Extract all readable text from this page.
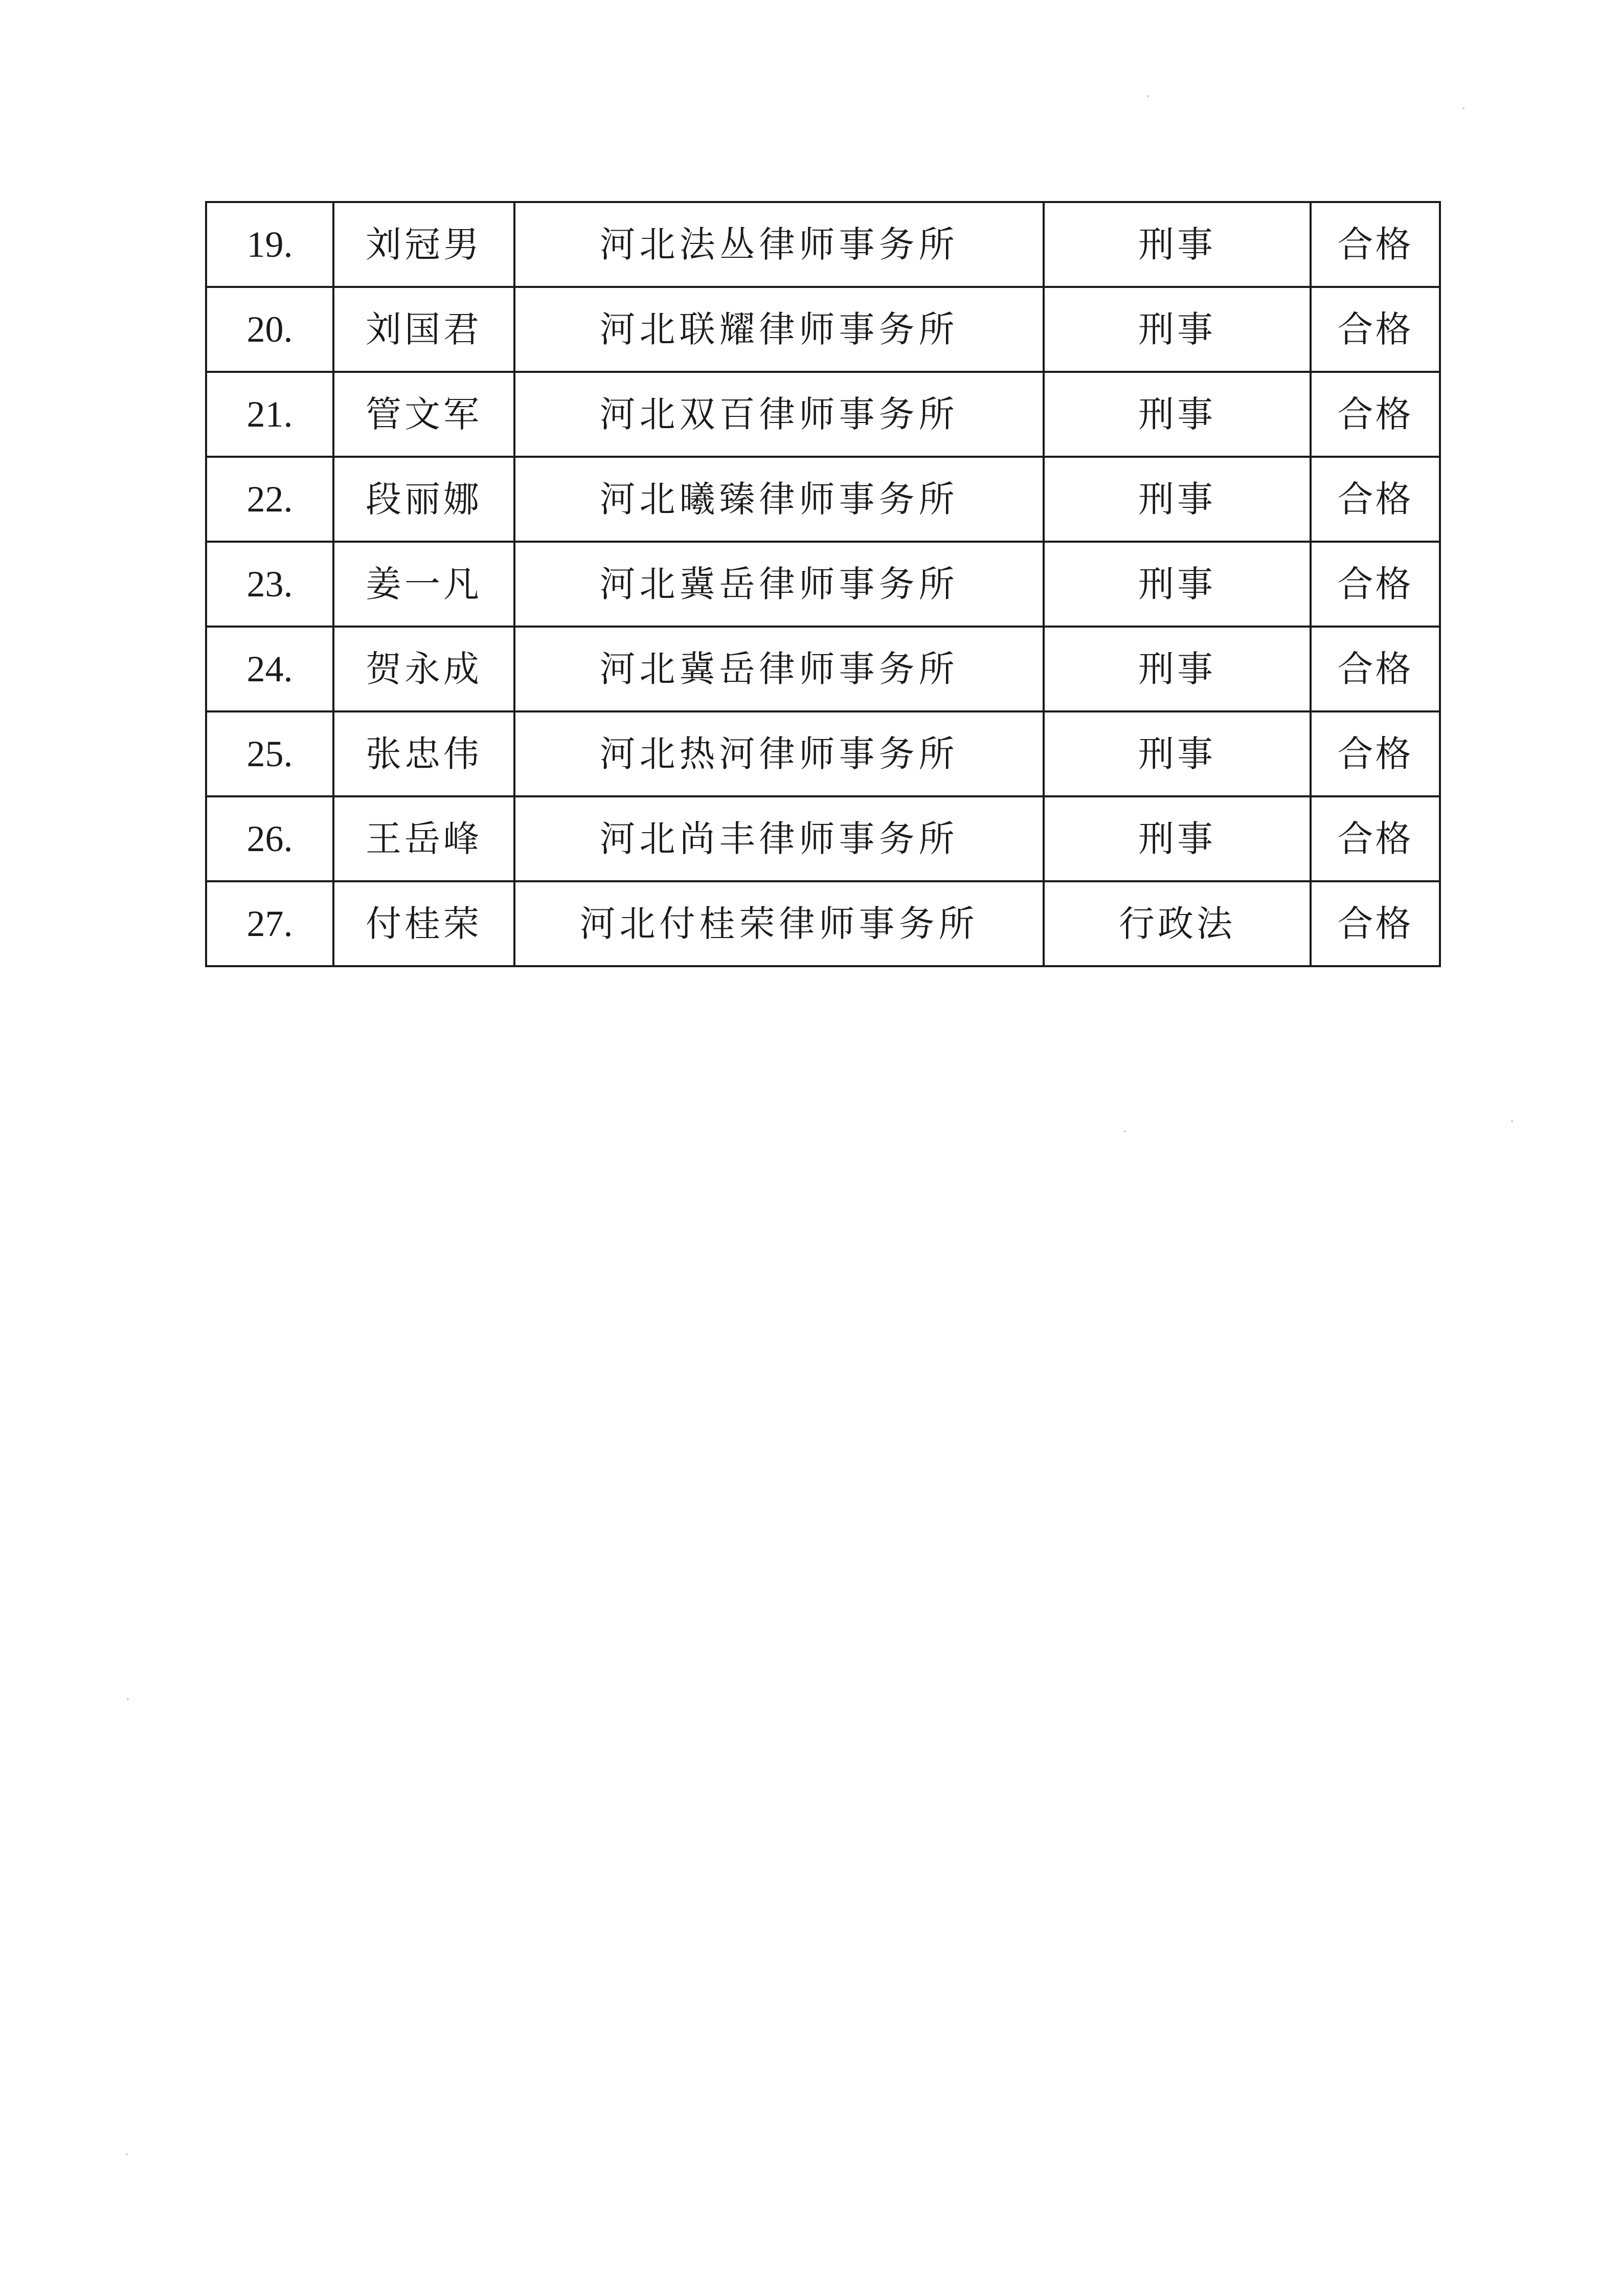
19.	刘冠男	河北法丛律师事务所	刑事	合格
20.	刘国君	河北联耀律师事务所	刑事	合格
21.	管文军	河北双百律师事务所	刑事	合格
22.	段丽娜	河北曦臻律师事务所	刑事	合格
23.	姜一凡	河北冀岳律师事务所	刑事	合格
24.	贺永成	河北冀岳律师事务所	刑事	合格
25.	张忠伟	河北热河律师事务所	刑事	合格
26.	王岳峰	河北尚丰律师事务所	刑事	合格
27.	付桂荣	河北付桂荣律师事务所	行政法	合格
